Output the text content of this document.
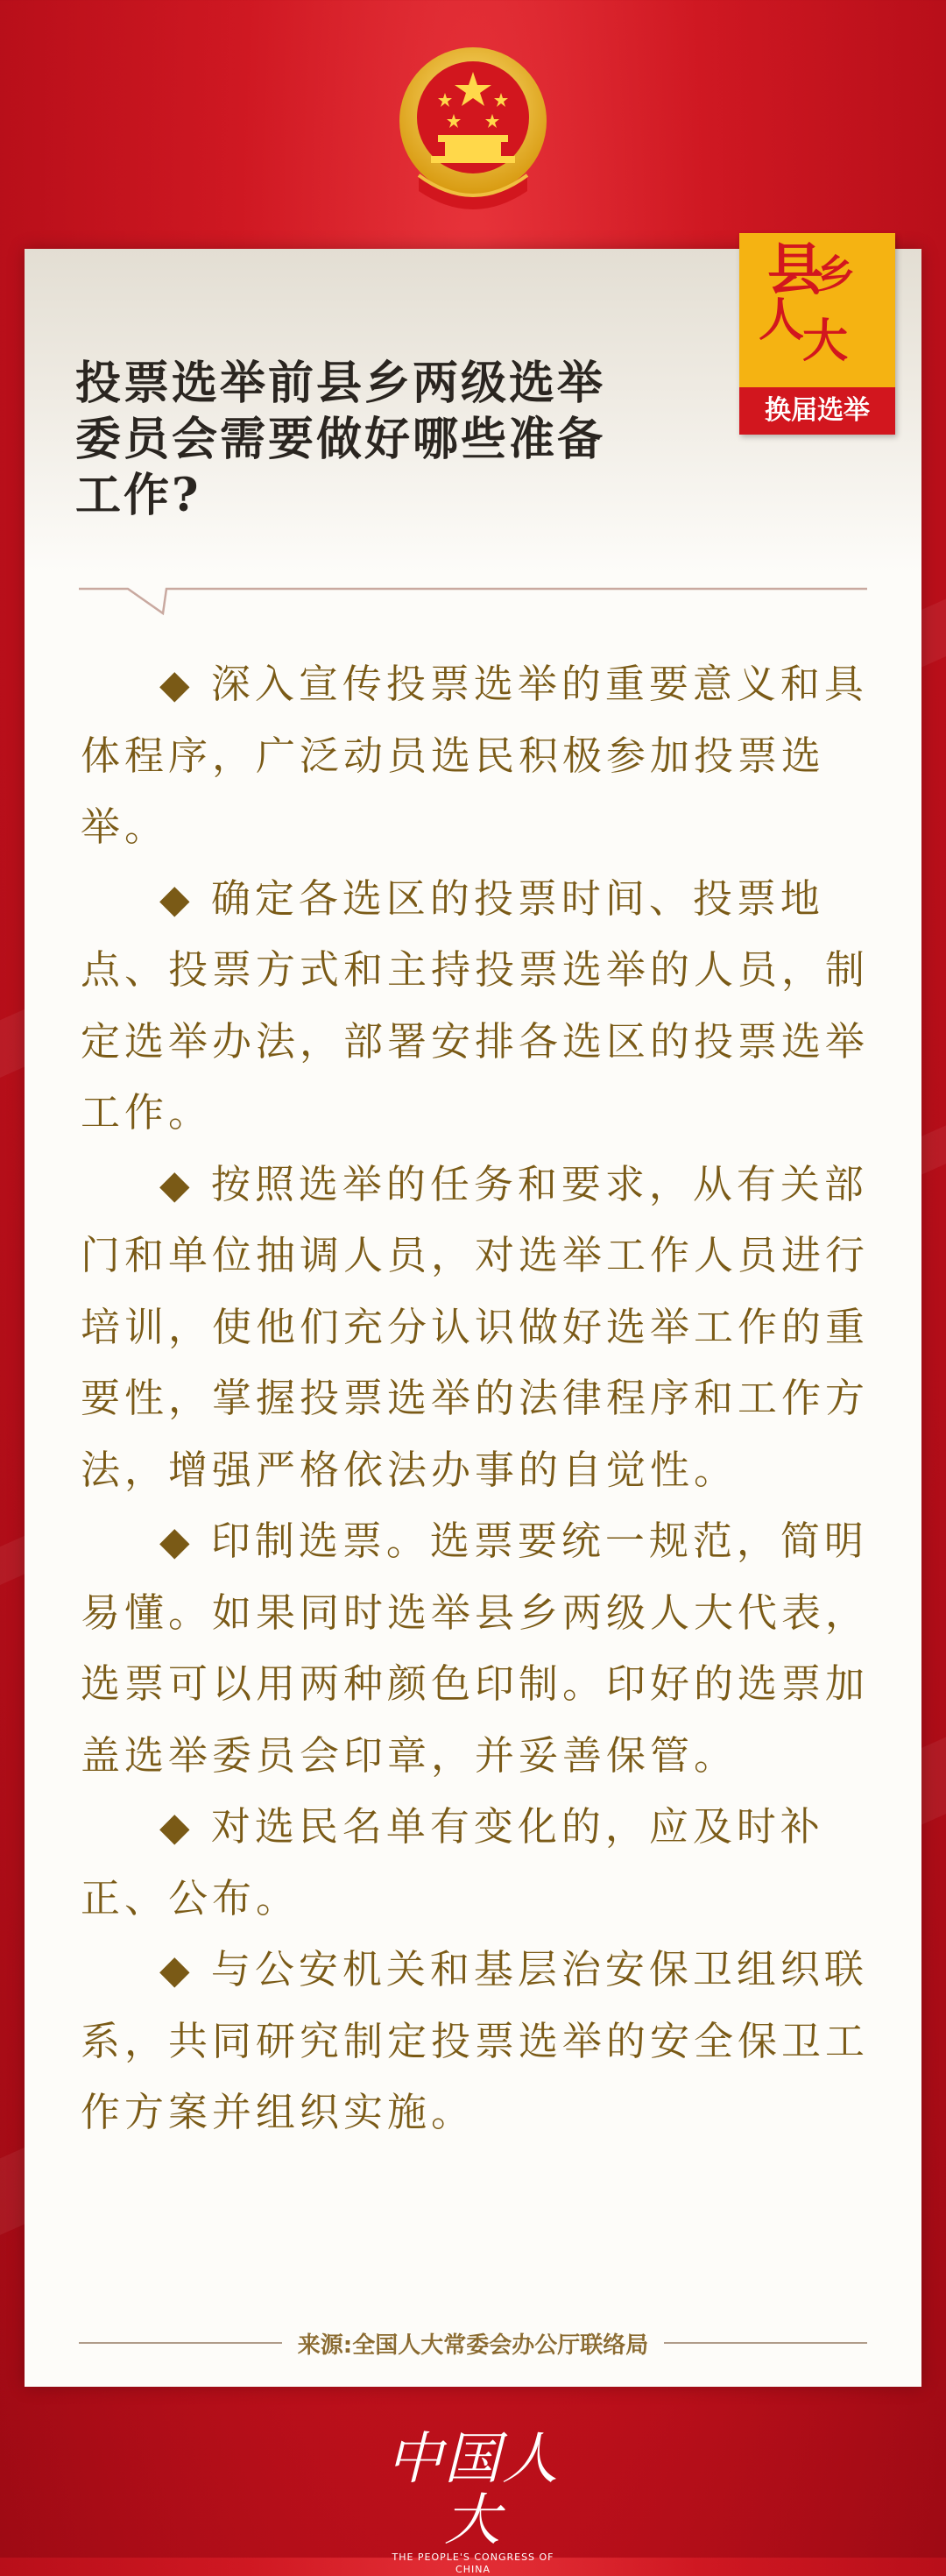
县
乡
人
大
换届选举
投票选举前县乡两级选举
委员会需要做好哪些准备
工作?

◆ 深入宣传投票选举的重要意义和具体程序，广泛动员选民积极参加投票选举。

◆ 确定各选区的投票时间、投票地点、投票方式和主持投票选举的人员，制定选举办法，部署安排各选区的投票选举工作。

◆ 按照选举的任务和要求，从有关部门和单位抽调人员，对选举工作人员进行培训，使他们充分认识做好选举工作的重要性，掌握投票选举的法律程序和工作方法，增强严格依法办事的自觉性。

◆ 印制选票。选票要统一规范，简明易懂。如果同时选举县乡两级人大代表，选票可以用两种颜色印制。印好的选票加盖选举委员会印章，并妥善保管。

◆ 对选民名单有变化的，应及时补正、公布。

◆ 与公安机关和基层治安保卫组织联系，共同研究制定投票选举的安全保卫工作方案并组织实施。

来源:全国人大常委会办公厅联络局
中国人大
THE PEOPLE'S CONGRESS OF CHINA
